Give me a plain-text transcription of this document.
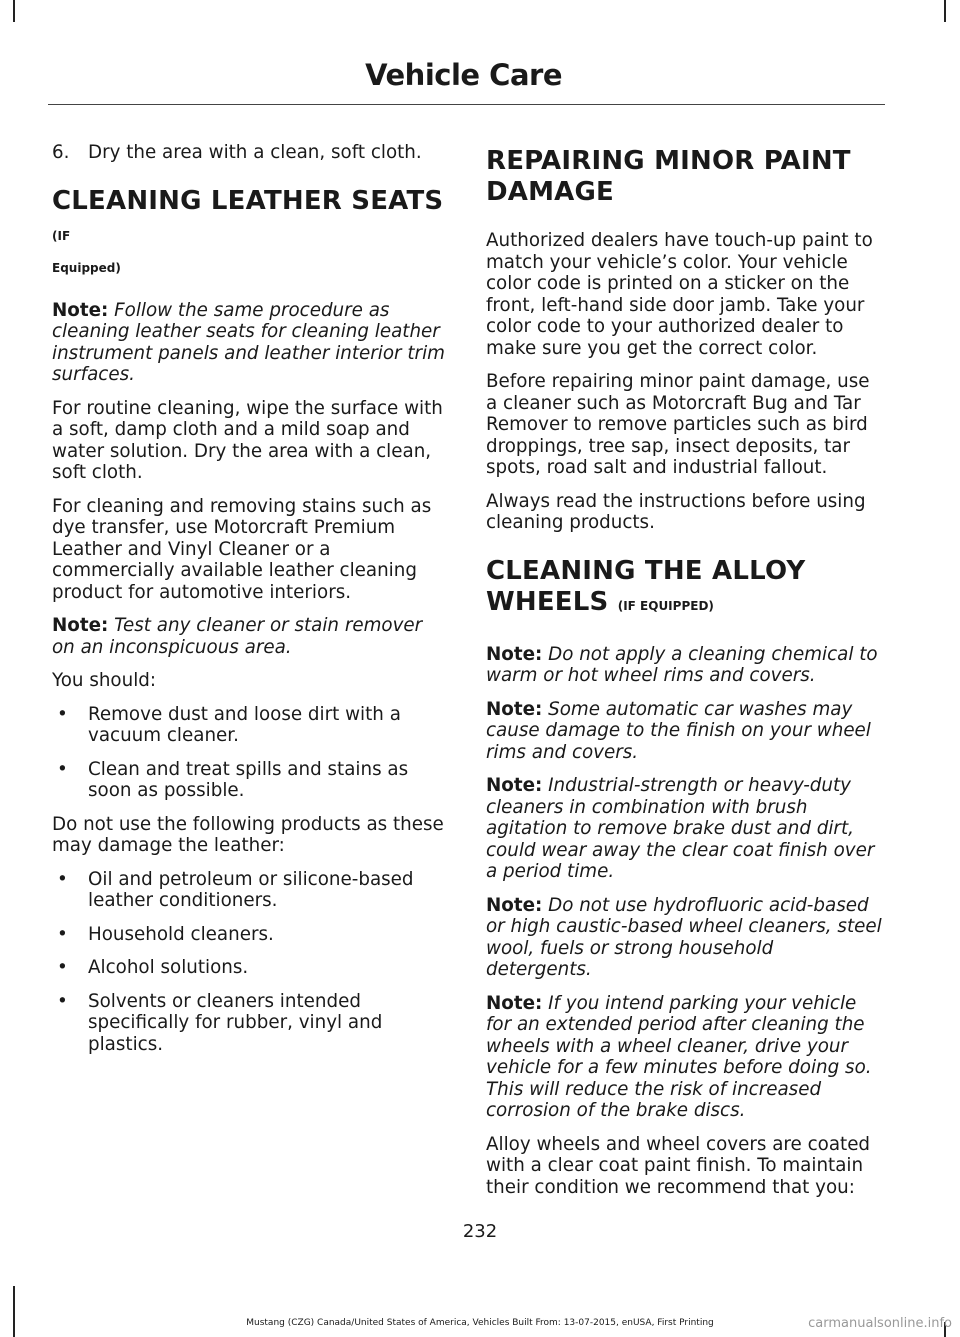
Vehicle Care

6. Dry the area with a clean, soft cloth.

CLEANING LEATHER SEATS (IF
Equipped)

Note: Follow the same procedure as cleaning leather seats for cleaning leather instrument panels and leather interior trim surfaces.

For routine cleaning, wipe the surface with a soft, damp cloth and a mild soap and water solution. Dry the area with a clean, soft cloth.

For cleaning and removing stains such as dye transfer, use Motorcraft Premium Leather and Vinyl Cleaner or a commercially available leather cleaning product for automotive interiors.

Note: Test any cleaner or stain remover on an inconspicuous area.

You should:

• Remove dust and loose dirt with a vacuum cleaner.
• Clean and treat spills and stains as soon as possible.

Do not use the following products as these may damage the leather:

• Oil and petroleum or silicone-based leather conditioners.
• Household cleaners.
• Alcohol solutions.
• Solvents or cleaners intended specifically for rubber, vinyl and plastics.
REPAIRING MINOR PAINT
DAMAGE

Authorized dealers have touch-up paint to match your vehicle’s color. Your vehicle color code is printed on a sticker on the front, left-hand side door jamb. Take your color code to your authorized dealer to make sure you get the correct color.

Before repairing minor paint damage, use a cleaner such as Motorcraft Bug and Tar Remover to remove particles such as bird droppings, tree sap, insect deposits, tar spots, road salt and industrial fallout.

Always read the instructions before using cleaning products.

CLEANING THE ALLOY
WHEELS (IF EQUIPPED)

Note: Do not apply a cleaning chemical to warm or hot wheel rims and covers.

Note: Some automatic car washes may cause damage to the finish on your wheel rims and covers.

Note: Industrial-strength or heavy-duty cleaners in combination with brush agitation to remove brake dust and dirt, could wear away the clear coat finish over a period time.

Note: Do not use hydrofluoric acid-based or high caustic-based wheel cleaners, steel wool, fuels or strong household detergents.

Note: If you intend parking your vehicle for an extended period after cleaning the wheels with a wheel cleaner, drive your vehicle for a few minutes before doing so. This will reduce the risk of increased corrosion of the brake discs.

Alloy wheels and wheel covers are coated with a clear coat paint finish. To maintain their condition we recommend that you:

232
Mustang (CZG) Canada/United States of America, Vehicles Built From: 13-07-2015, enUSA, First Printing	carmanualsonline.info
